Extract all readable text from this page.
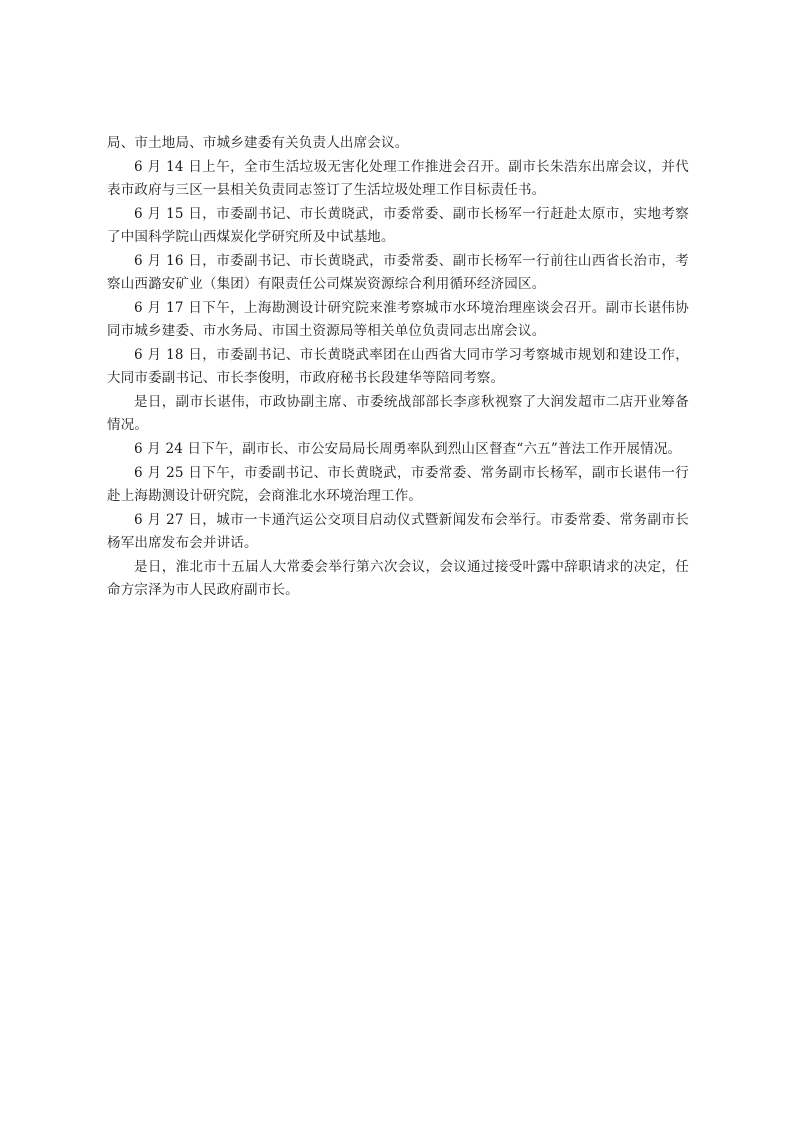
局、市土地局、市城乡建委有关负责人出席会议。

6 月 14 日上午，全市生活垃圾无害化处理工作推进会召开。副市长朱浩东出席会议，并代表市政府与三区一县相关负责同志签订了生活垃圾处理工作目标责任书。

6 月 15 日，市委副书记、市长黄晓武，市委常委、副市长杨军一行赶赴太原市，实地考察了中国科学院山西煤炭化学研究所及中试基地。

6 月 16 日，市委副书记、市长黄晓武，市委常委、副市长杨军一行前往山西省长治市，考察山西潞安矿业（集团）有限责任公司煤炭资源综合利用循环经济园区。

6 月 17 日下午，上海勘测设计研究院来淮考察城市水环境治理座谈会召开。副市长谌伟协同市城乡建委、市水务局、市国土资源局等相关单位负责同志出席会议。

6 月 18 日，市委副书记、市长黄晓武率团在山西省大同市学习考察城市规划和建设工作，大同市委副书记、市长李俊明，市政府秘书长段建华等陪同考察。

是日，副市长谌伟，市政协副主席、市委统战部部长李彦秋视察了大润发超市二店开业筹备情况。

6 月 24 日下午，副市长、市公安局局长周勇率队到烈山区督查“六五”普法工作开展情况。

6 月 25 日下午，市委副书记、市长黄晓武，市委常委、常务副市长杨军，副市长谌伟一行赴上海勘测设计研究院，会商淮北水环境治理工作。

6 月 27 日，城市一卡通汽运公交项目启动仪式暨新闻发布会举行。市委常委、常务副市长杨军出席发布会并讲话。

是日，淮北市十五届人大常委会举行第六次会议，会议通过接受叶露中辞职请求的决定，任命方宗泽为市人民政府副市长。
